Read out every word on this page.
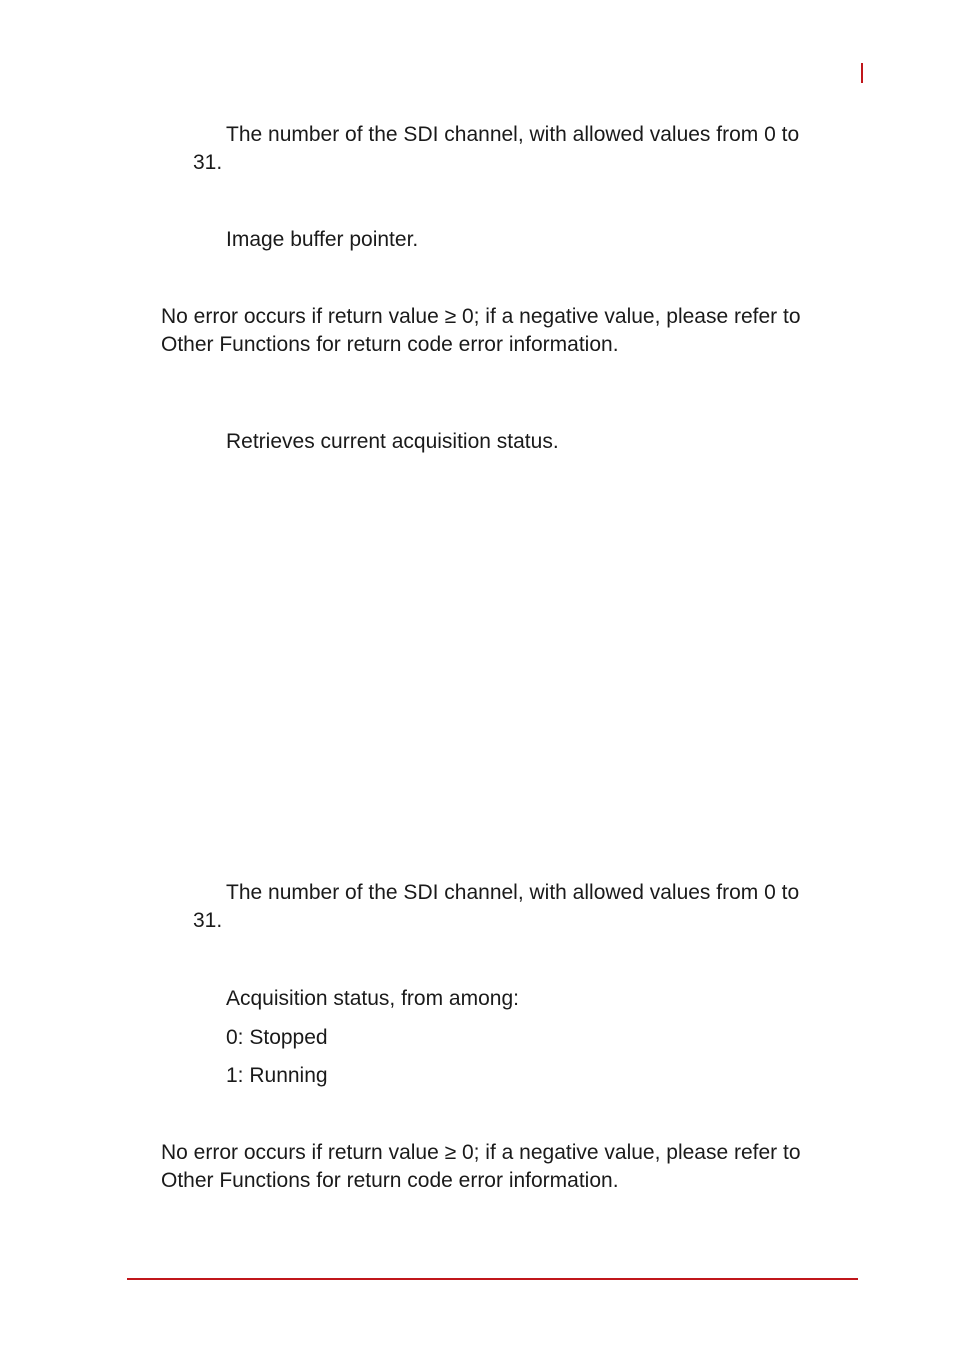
The number of the SDI channel, with allowed values from 0 to 31.

Image buffer pointer.

No error occurs if return value ≥ 0; if a negative value, please refer to Other Functions for return code error information.

Retrieves current acquisition status.

The number of the SDI channel, with allowed values from 0 to 31.

Acquisition status, from among:

0: Stopped

1: Running

No error occurs if return value ≥ 0; if a negative value, please refer to Other Functions for return code error information.
